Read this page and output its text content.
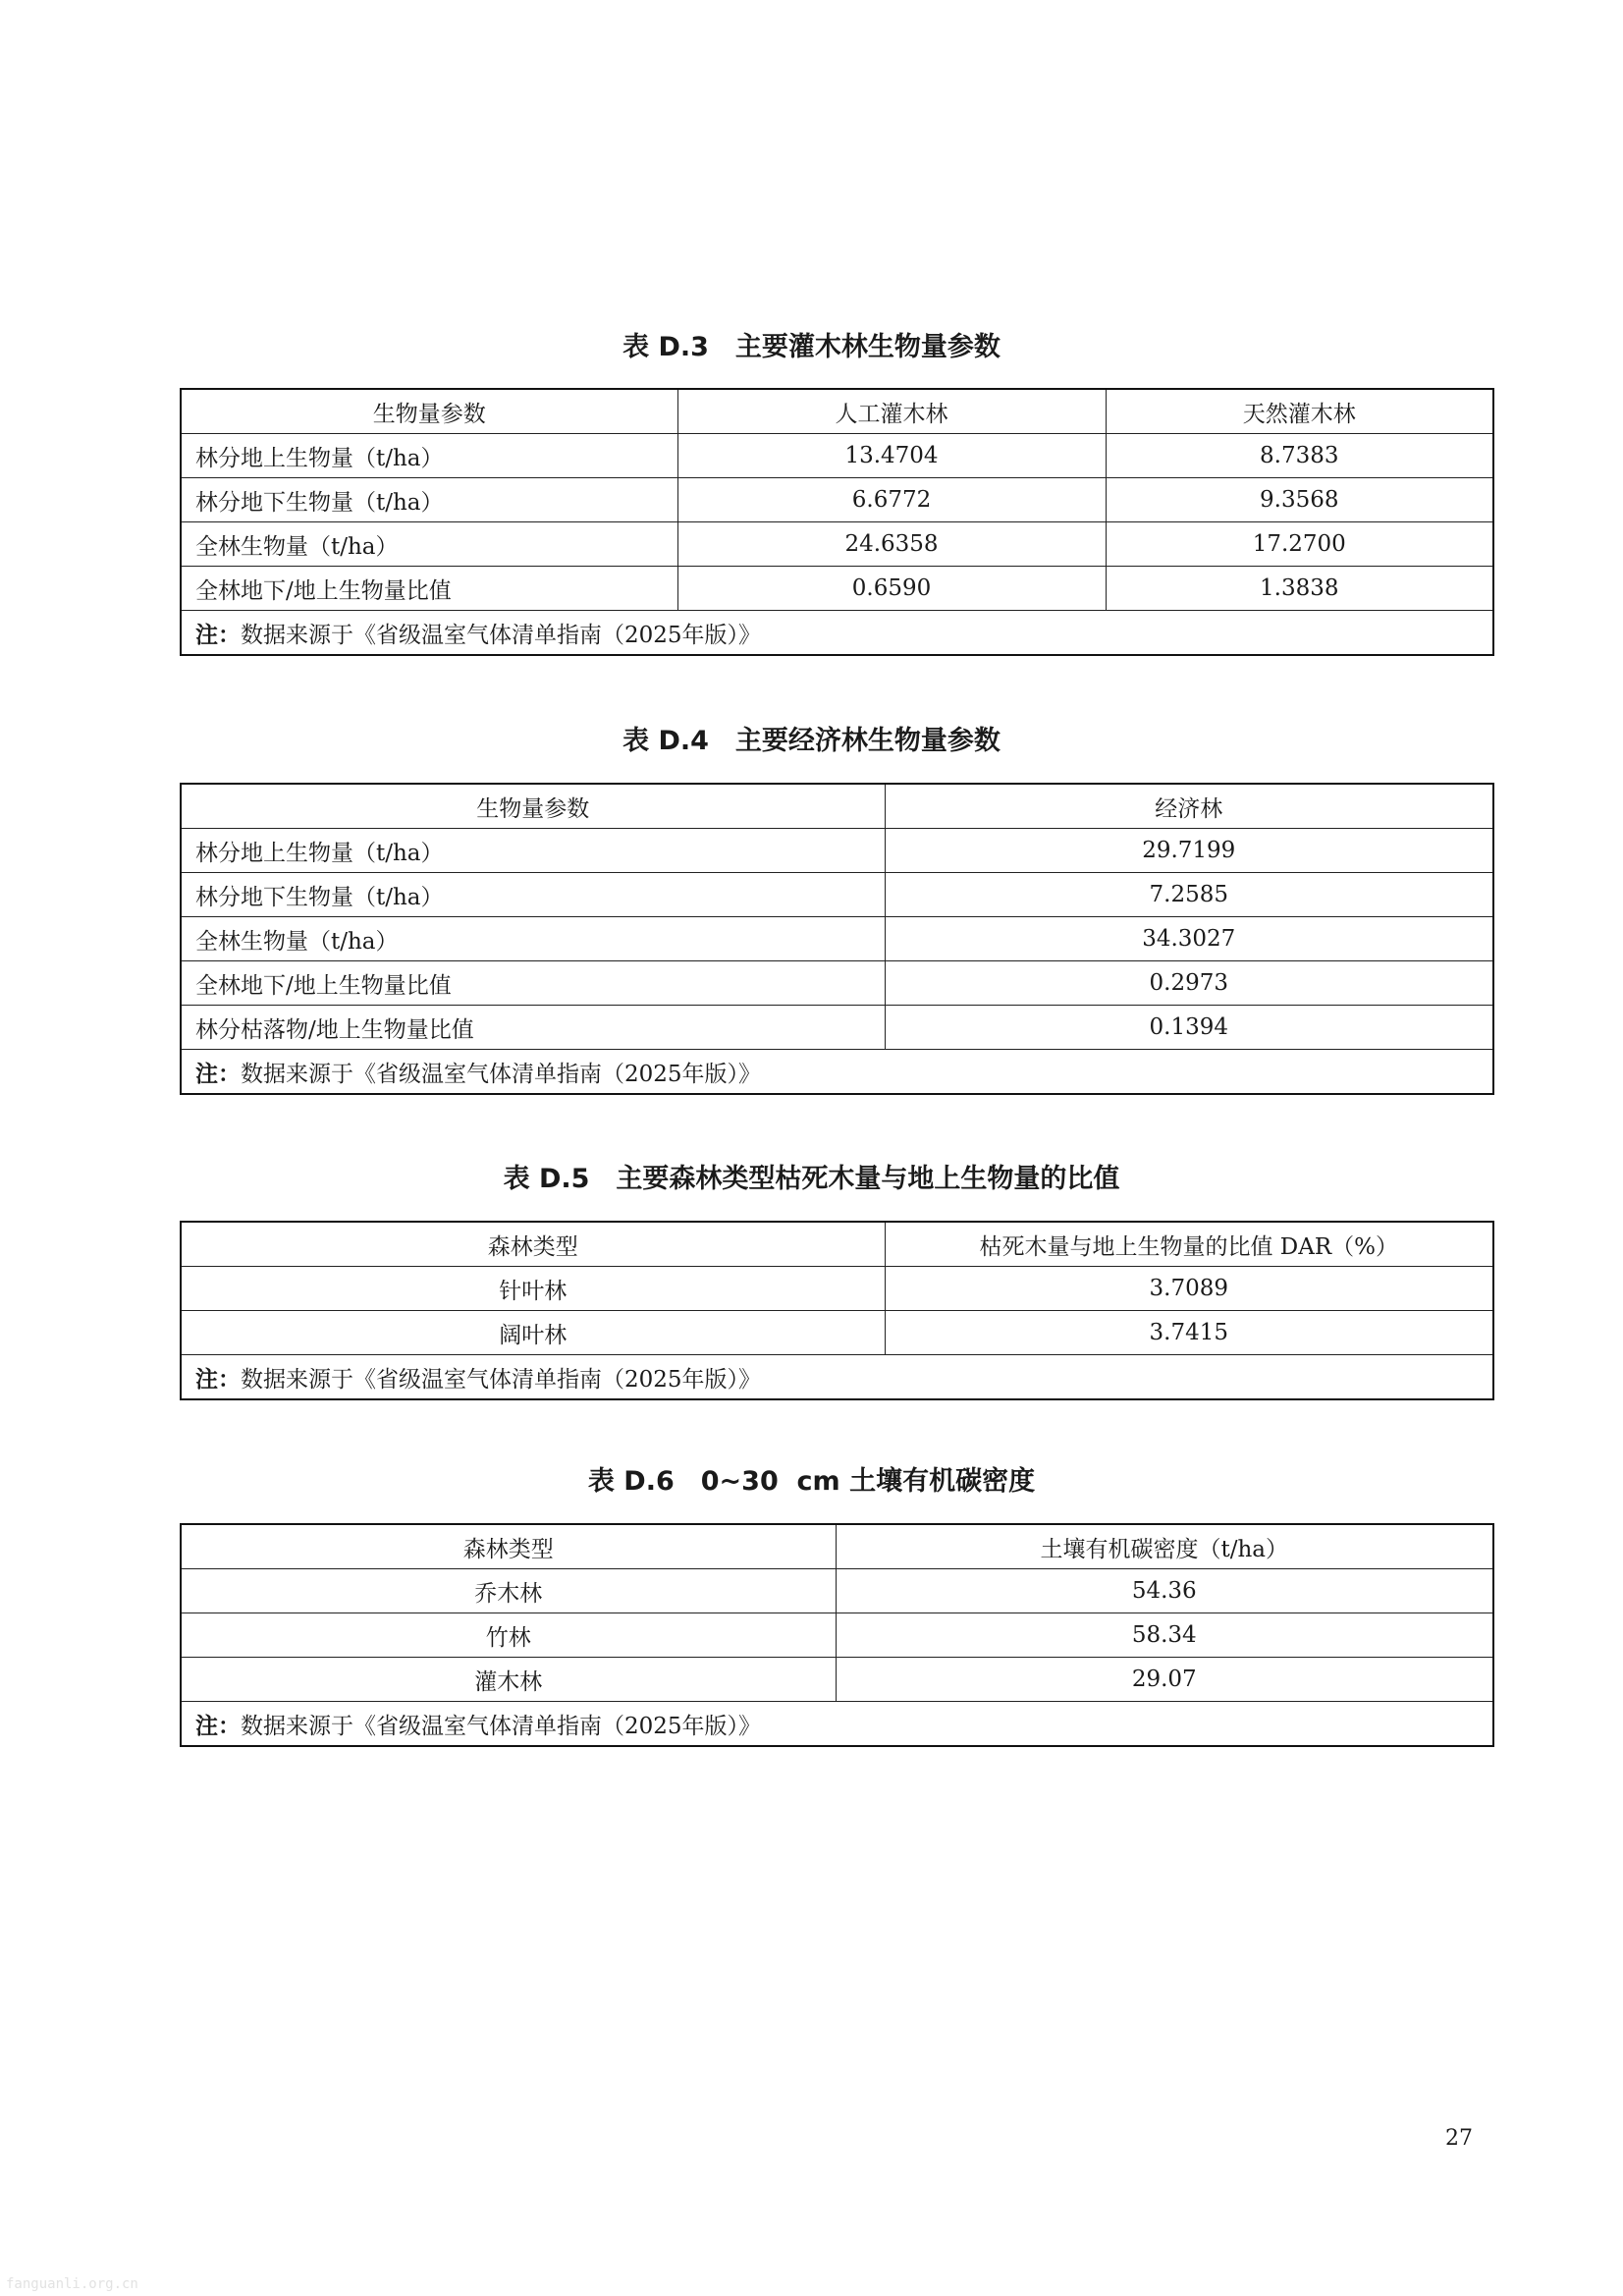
表 D.3　主要灌木林生物量参数
生物量参数	人工灌木林	天然灌木林
林分地上生物量（t/ha）	13.4704	8.7383
林分地下生物量（t/ha）	6.6772	9.3568
全林生物量（t/ha）	24.6358	17.2700
全林地下/地上生物量比值	0.6590	1.3838
注：数据来源于《省级温室气体清单指南（2025年版）》		
表 D.4　主要经济林生物量参数
生物量参数	经济林
林分地上生物量（t/ha）	29.7199
林分地下生物量（t/ha）	7.2585
全林生物量（t/ha）	34.3027
全林地下/地上生物量比值	0.2973
林分枯落物/地上生物量比值	0.1394
注：数据来源于《省级温室气体清单指南（2025年版）》	
表 D.5　主要森林类型枯死木量与地上生物量的比值
森林类型	枯死木量与地上生物量的比值 DAR（%）
针叶林	3.7089
阔叶林	3.7415
注：数据来源于《省级温室气体清单指南（2025年版）》	
表 D.6　0~30  cm 土壤有机碳密度
森林类型	土壤有机碳密度（t/ha）
乔木林	54.36
竹林	58.34
灌木林	29.07
注：数据来源于《省级温室气体清单指南（2025年版）》	
27
fanguanli.org.cn
